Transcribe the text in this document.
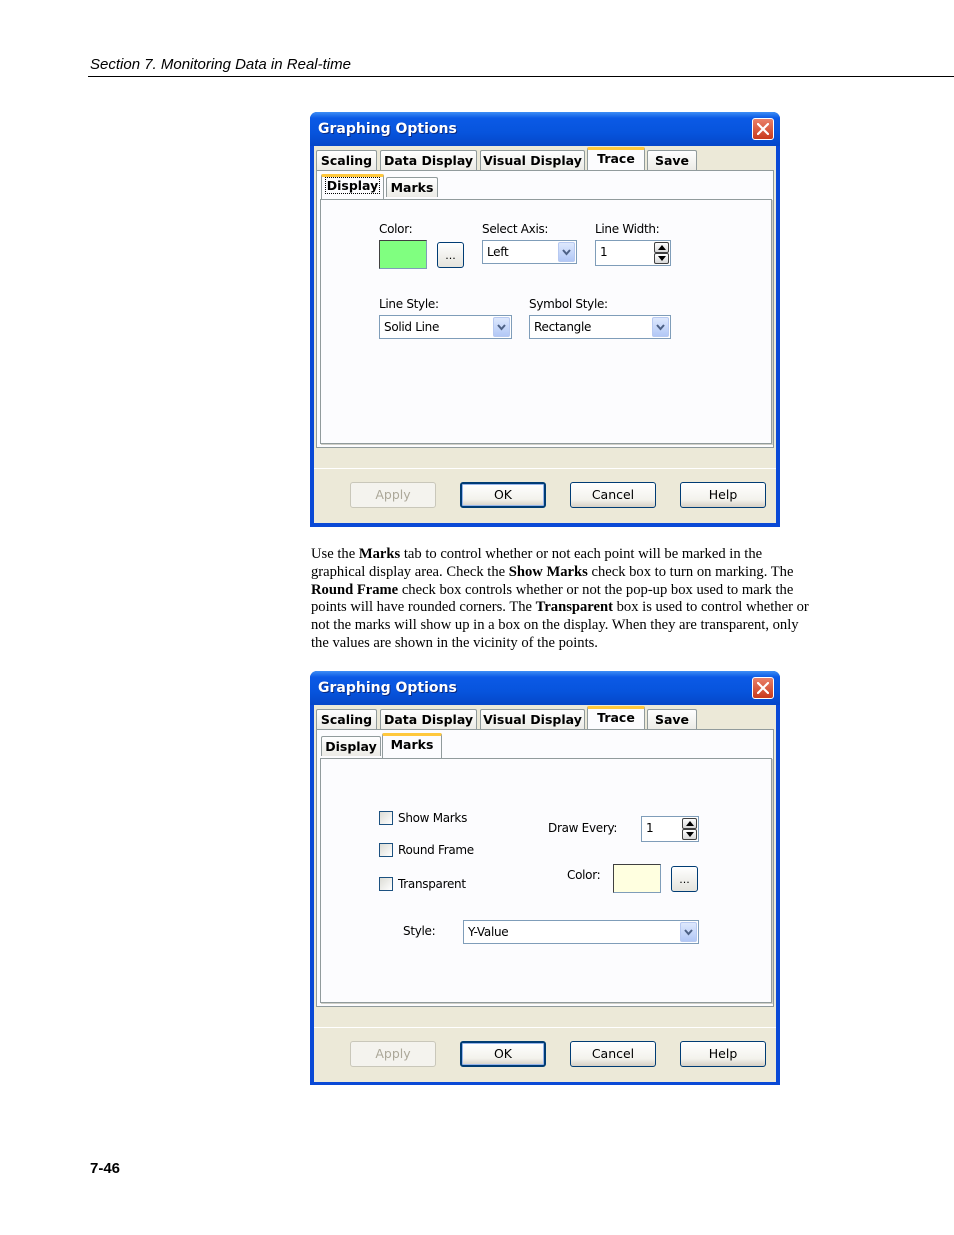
Section 7. Monitoring Data in Real-time
Graphing Options
Color:
...
Select Axis:
Left
Line Width:
1
Line Style:
Solid Line
Symbol Style:
Rectangle
Scaling Data Display Visual Display	Trace	Save
Display Marks
Apply	OK	Cancel	Help
Use the Marks tab to control whether or not each point will be marked in the graphical display area. Check the Show Marks check box to turn on marking. The Round Frame check box controls whether or not the pop-up box used to mark the points will have rounded corners. The Transparent box is used to control whether or not the marks will show up in a box on the display. When they are transparent, only the values are shown in the vicinity of the points.
Graphing Options
Show Marks
Round Frame
Transparent
Draw Every: 1
Color:	...
Style:	Y-Value
Scaling Data Display Visual Display	Trace	Save
Display	Marks
Apply	OK	Cancel	Help
7-46
